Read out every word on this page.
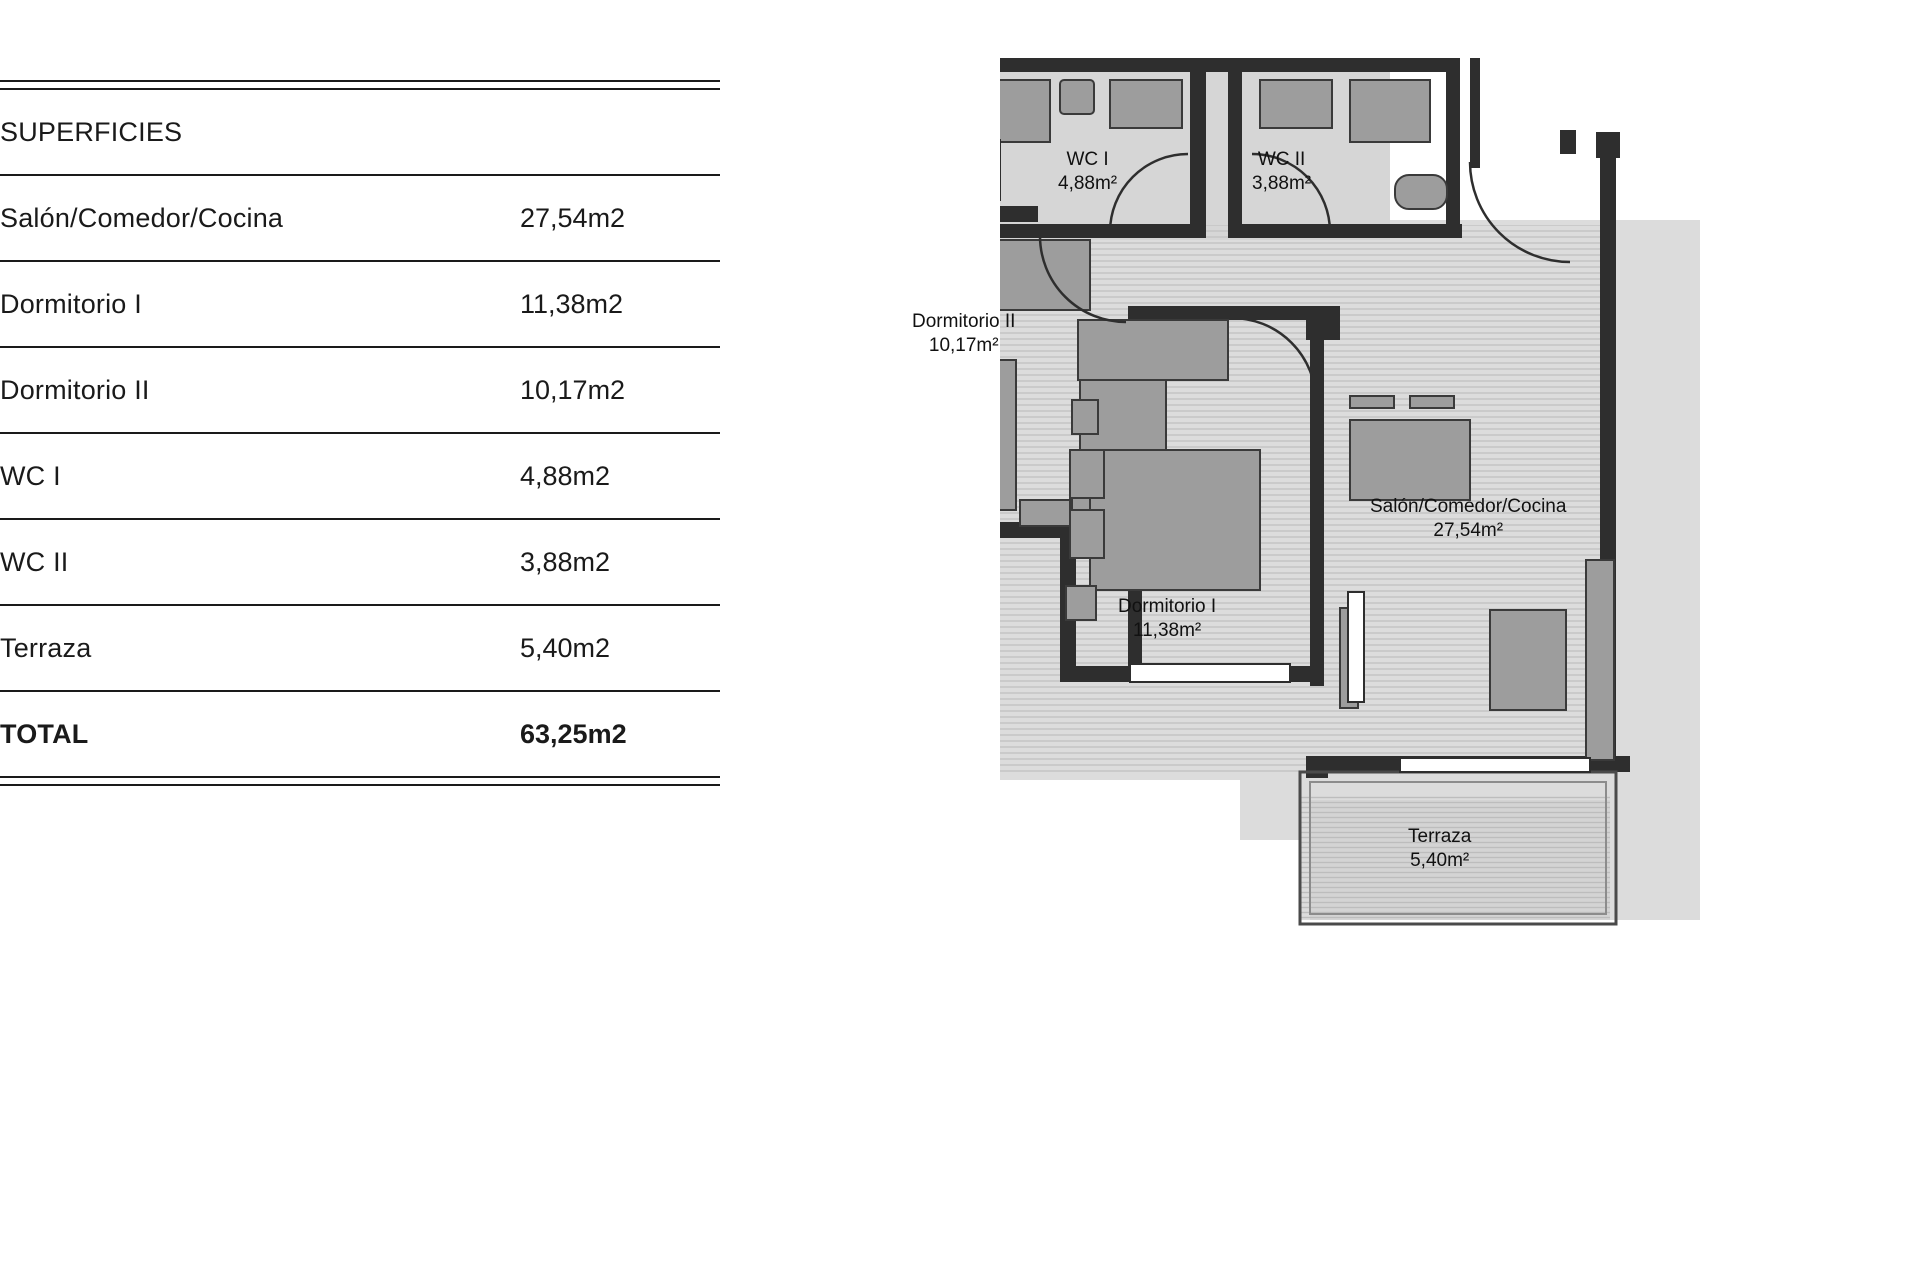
SUPERFICIES
Salón/Comedor/Cocina	27,54m2
Dormitorio I	11,38m2
Dormitorio II	10,17m2
WC I	4,88m2
WC II	3,88m2
Terraza	5,40m2
TOTAL	63,25m2
WC I
4,88m²
WC II
3,88m²
Dormitorio II
10,17m²
Dormitorio I
11,38m²
Salón/Comedor/Cocina
27,54m²
Terraza
5,40m²
